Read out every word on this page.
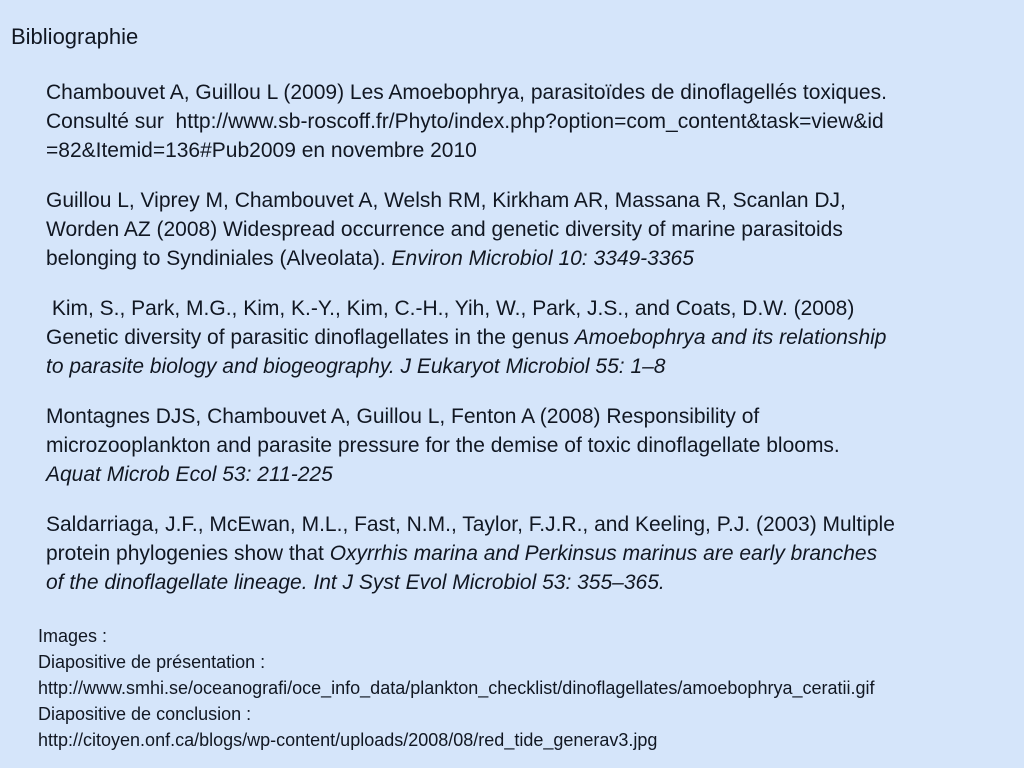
Bibliographie
Chambouvet A, Guillou L (2009) Les Amoebophrya, parasitoïdes de dinoflagellés toxiques.
Consulté sur  http://www.sb-roscoff.fr/Phyto/index.php?option=com_content&task=view&id
=82&Itemid=136#Pub2009 en novembre 2010
Guillou L, Viprey M, Chambouvet A, Welsh RM, Kirkham AR, Massana R, Scanlan DJ,
Worden AZ (2008) Widespread occurrence and genetic diversity of marine parasitoids
belonging to Syndiniales (Alveolata). Environ Microbiol 10: 3349-3365
Kim, S., Park, M.G., Kim, K.-Y., Kim, C.-H., Yih, W., Park, J.S., and Coats, D.W. (2008)
Genetic diversity of parasitic dinoflagellates in the genus Amoebophrya and its relationship
to parasite biology and biogeography. J Eukaryot Microbiol 55: 1–8
Montagnes DJS, Chambouvet A, Guillou L, Fenton A (2008) Responsibility of
microzooplankton and parasite pressure for the demise of toxic dinoflagellate blooms.
Aquat Microb Ecol 53: 211-225
Saldarriaga, J.F., McEwan, M.L., Fast, N.M., Taylor, F.J.R., and Keeling, P.J. (2003) Multiple
protein phylogenies show that Oxyrrhis marina and Perkinsus marinus are early branches
of the dinoflagellate lineage. Int J Syst Evol Microbiol 53: 355–365.
Images :
Diapositive de présentation :
http://www.smhi.se/oceanografi/oce_info_data/plankton_checklist/dinoflagellates/amoebophrya_ceratii.gif
Diapositive de conclusion :
http://citoyen.onf.ca/blogs/wp-content/uploads/2008/08/red_tide_generav3.jpg
